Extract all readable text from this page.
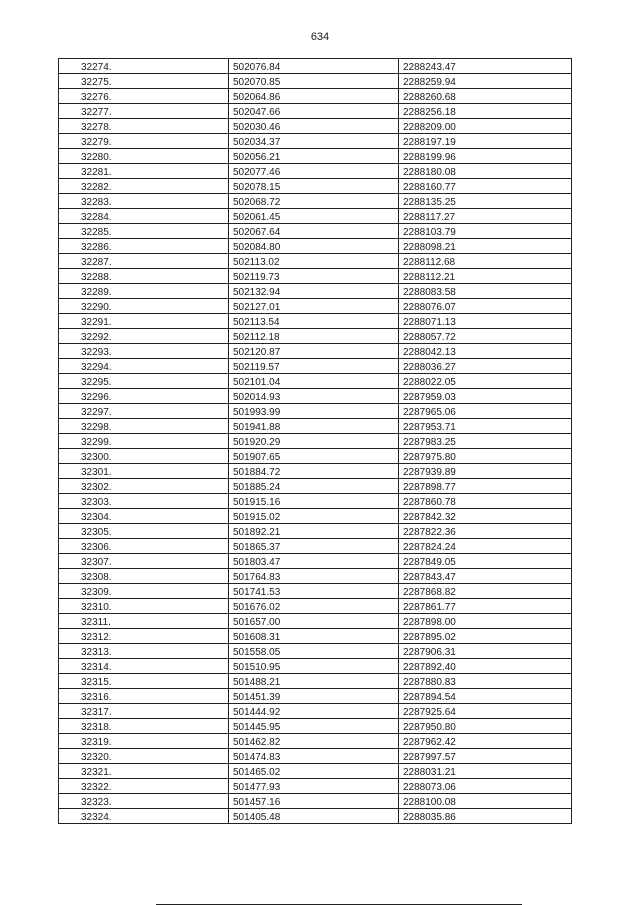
634
32274.	502076.84	2288243.47
32275.	502070.85	2288259.94
32276.	502064.86	2288260.68
32277.	502047.66	2288256.18
32278.	502030.46	2288209.00
32279.	502034.37	2288197.19
32280.	502056.21	2288199.96
32281.	502077.46	2288180.08
32282.	502078.15	2288160.77
32283.	502068.72	2288135.25
32284.	502061.45	2288117.27
32285.	502067.64	2288103.79
32286.	502084.80	2288098.21
32287.	502113.02	2288112.68
32288.	502119.73	2288112.21
32289.	502132.94	2288083.58
32290.	502127.01	2288076.07
32291.	502113.54	2288071.13
32292.	502112.18	2288057.72
32293.	502120.87	2288042.13
32294.	502119.57	2288036.27
32295.	502101.04	2288022.05
32296.	502014.93	2287959.03
32297.	501993.99	2287965.06
32298.	501941.88	2287953.71
32299.	501920.29	2287983.25
32300.	501907.65	2287975.80
32301.	501884.72	2287939.89
32302.	501885.24	2287898.77
32303.	501915.16	2287860.78
32304.	501915.02	2287842.32
32305.	501892.21	2287822.36
32306.	501865.37	2287824.24
32307.	501803.47	2287849.05
32308.	501764.83	2287843.47
32309.	501741.53	2287868.82
32310.	501676.02	2287861.77
32311.	501657.00	2287898.00
32312.	501608.31	2287895.02
32313.	501558.05	2287906.31
32314.	501510.95	2287892.40
32315.	501488.21	2287880.83
32316.	501451.39	2287894.54
32317.	501444.92	2287925.64
32318.	501445.95	2287950.80
32319.	501462.82	2287962.42
32320.	501474.83	2287997.57
32321.	501465.02	2288031.21
32322.	501477.93	2288073.06
32323.	501457.16	2288100.08
32324.	501405.48	2288035.86
